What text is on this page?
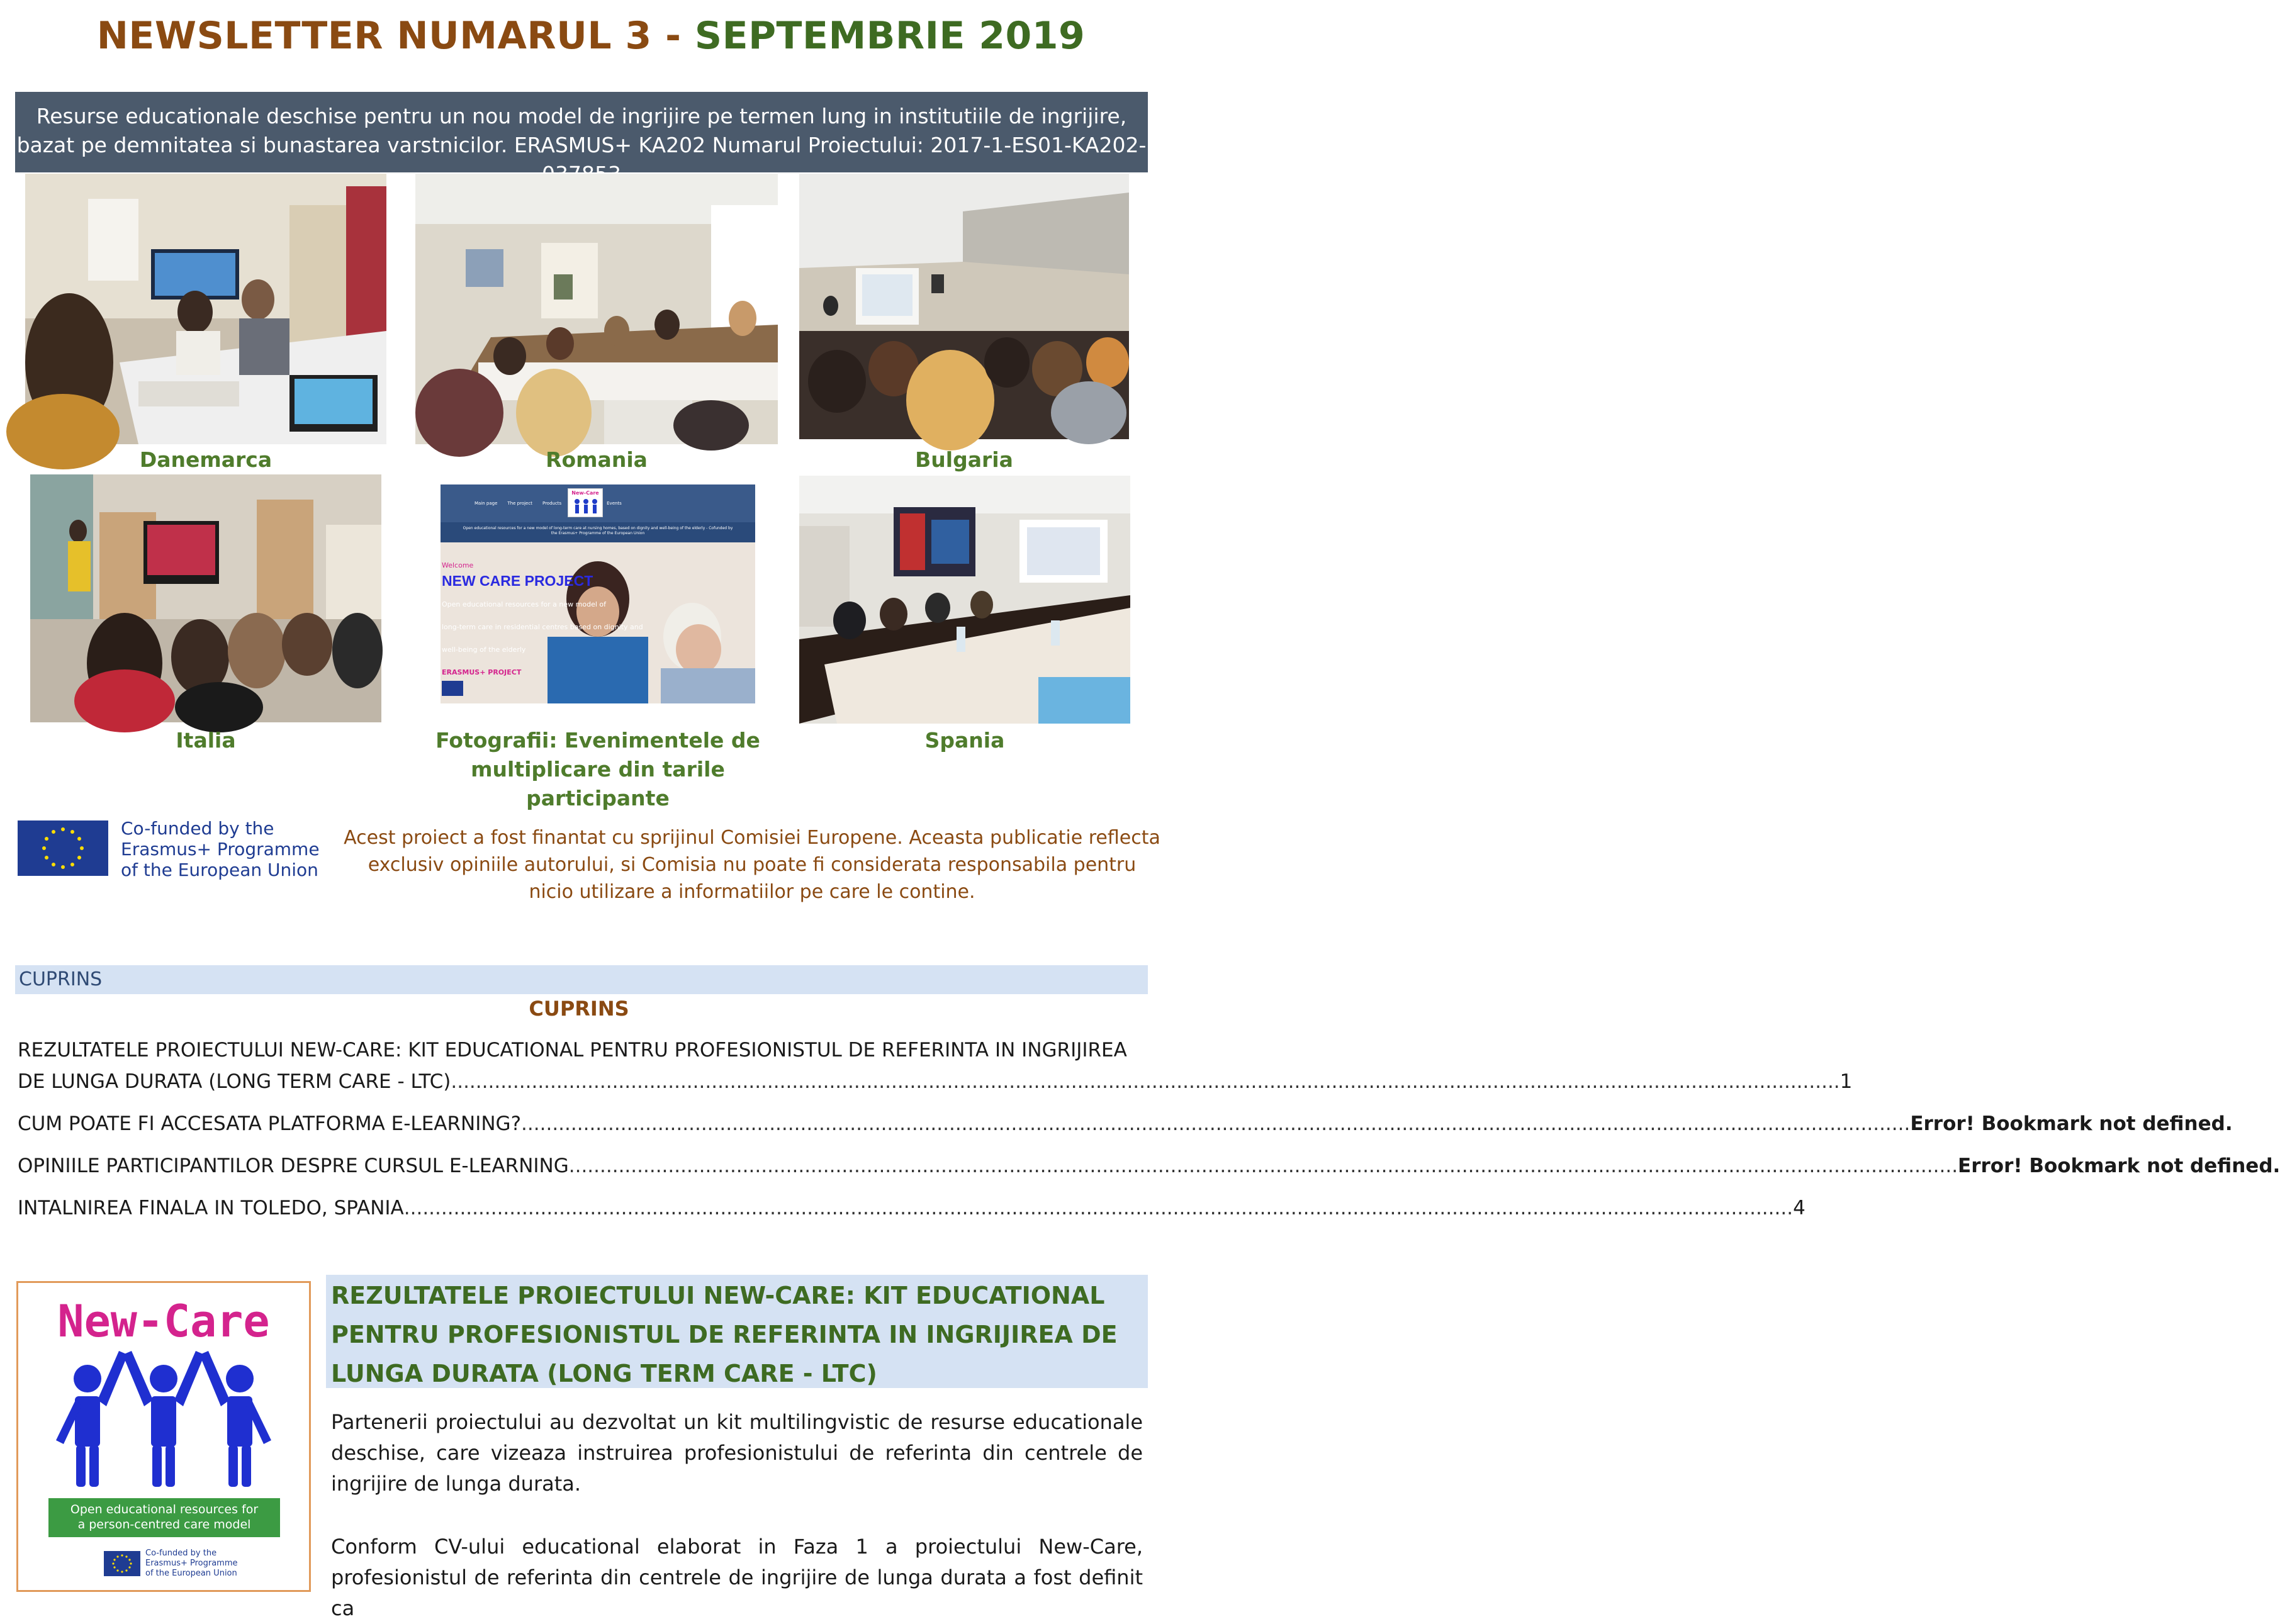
NEWSLETTER NUMARUL 3 - SEPTEMBRIE 2019
Resurse educationale deschise pentru un nou model de ingrijire pe termen lung in institutiile de ingrijire, bazat pe demnitatea si bunastarea varstnicilor. ERASMUS+ KA202 Numarul Proiectului: 2017-1-ES01-KA202-
Danemarca	Romania	Bulgaria
Main page The project Products	Events
New-Care
Open educational resources for a new model of long-term care at nursing homes, based on dignity and well-being of the elderly - Cofunded by the Erasmus+ Programme of the European Union
Welcome
NEW CARE PROJECT
Open educational resources for a new model of
long-term care in residential centres based on dignity and
well-being of the elderly
ERASMUS+ PROJECT
Italia	Fotografii: Evenimentele de multiplicare din tarile participante
Spania
Co-funded by the
Erasmus+ Programme
of the European Union
Acest proiect a fost finantat cu sprijinul Comisiei Europene. Aceasta publicatie reflecta exclusiv opiniile autorului, si Comisia nu poate fi considerata responsabila pentru nicio utilizare a informatiilor pe care le contine.
CUPRINS
CUPRINS
REZULTATELE PROIECTULUI NEW-CARE: KIT EDUCATIONAL PENTRU PROFESIONISTUL DE REFERINTA IN INGRIJIREA
DE LUNGA DURATA (LONG TERM CARE - LTC) ................................................................................................................................................................................................................................ 1
CUM POATE FI ACCESATA PLATFORMA E-LEARNING? ................................................................................................................................................................................................................................ Error! Bookmark not defined.
OPINIILE PARTICIPANTILOR DESPRE CURSUL E-LEARNING ................................................................................................................................................................................................................................ Error! Bookmark not defined.
INTALNIREA FINALA IN TOLEDO, SPANIA ................................................................................................................................................................................................................................ 4
New-Care
Open educational resources for
a person-centred care model
Co-funded by the
Erasmus+ Programme
of the European Union
REZULTATELE PROIECTULUI NEW-CARE: KIT EDUCATIONAL PENTRU PROFESIONISTUL DE REFERINTA IN INGRIJIREA DE LUNGA DURATA (LONG TERM CARE - LTC)
Partenerii proiectului au dezvoltat un kit multilingvistic de resurse educationale deschise, care vizeaza instruirea profesionistului de referinta din centrele de ingrijire de lunga durata.
Conform CV-ului educational elaborat in Faza 1 a proiectului New-Care, profesionistul de referinta din centrele de ingrijire de lunga durata a fost definit ca
